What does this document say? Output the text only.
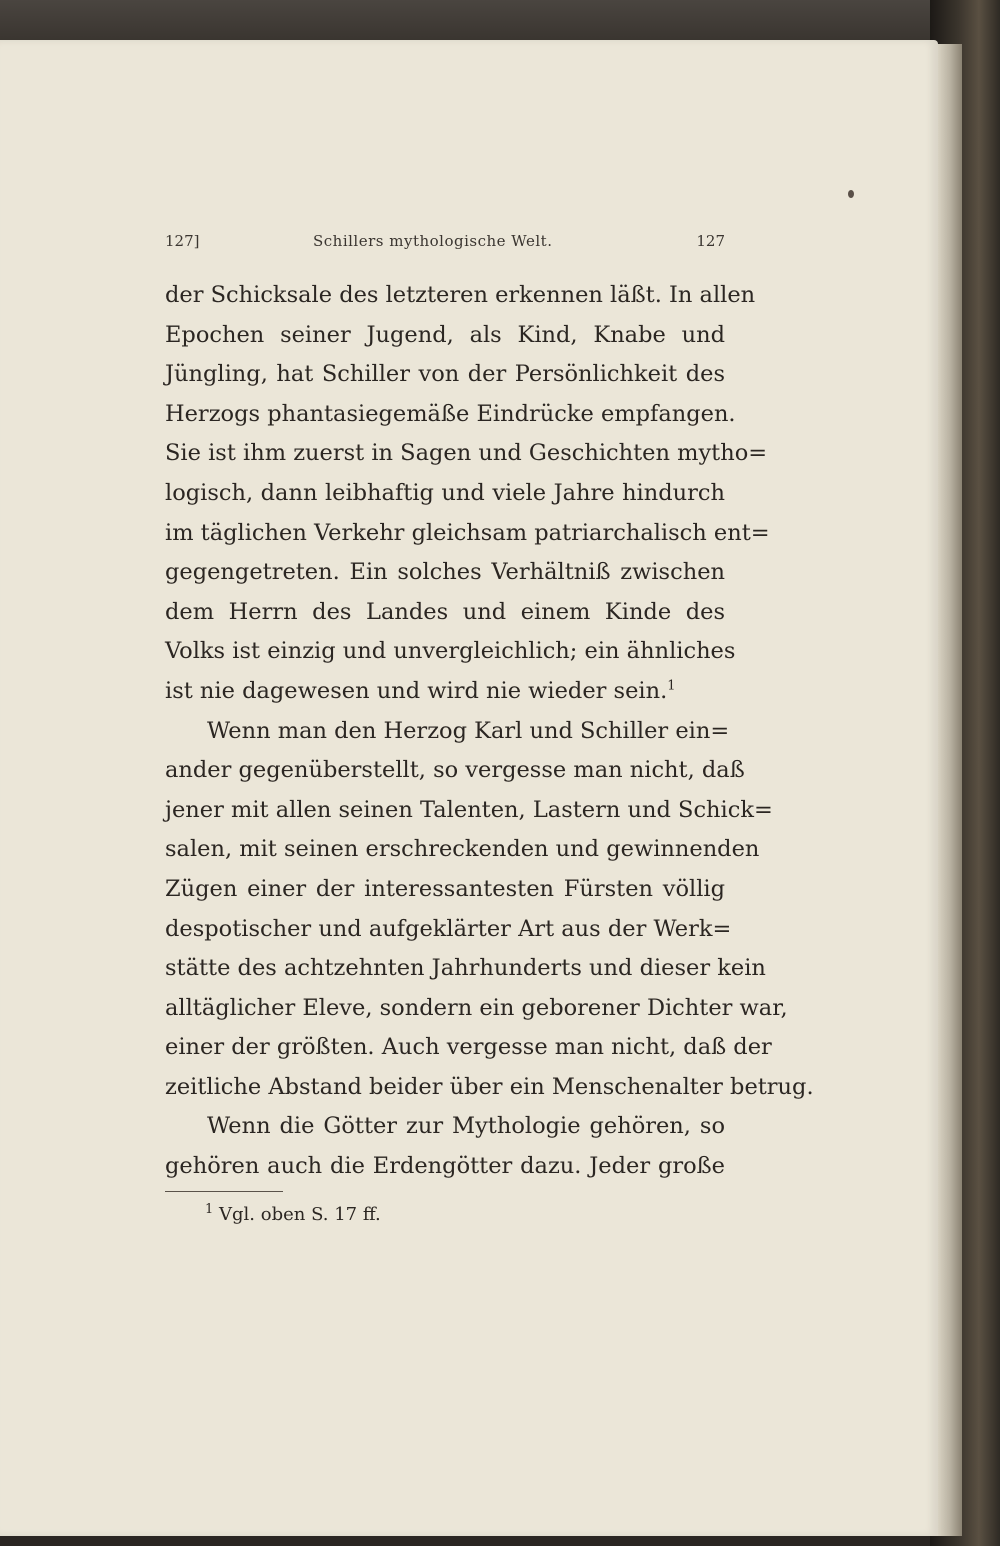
127]	Schillers mythologische Welt.	127
der Schicksale des letzteren erkennen läßt. In allen
Epochen seiner Jugend, als Kind, Knabe und
Jüngling, hat Schiller von der Persönlichkeit des
Herzogs phantasiegemäße Eindrücke empfangen.
Sie ist ihm zuerst in Sagen und Geschichten mytho=
logisch, dann leibhaftig und viele Jahre hindurch
im täglichen Verkehr gleichsam patriarchalisch ent=
gegengetreten. Ein solches Verhältniß zwischen
dem Herrn des Landes und einem Kinde des
Volks ist einzig und unvergleichlich; ein ähnliches
ist nie dagewesen und wird nie wieder sein.$^1$
Wenn man den Herzog Karl und Schiller ein=
ander gegenüberstellt, so vergesse man nicht, daß
jener mit allen seinen Talenten, Lastern und Schick=
salen, mit seinen erschreckenden und gewinnenden
Zügen einer der interessantesten Fürsten völlig
despotischer und aufgeklärter Art aus der Werk=
stätte des achtzehnten Jahrhunderts und dieser kein
alltäglicher Eleve, sondern ein geborener Dichter war,
einer der größten. Auch vergesse man nicht, daß der
zeitliche Abstand beider über ein Menschenalter betrug.
Wenn die Götter zur Mythologie gehören, so
gehören auch die Erdengötter dazu. Jeder große
$^1$ Vgl. oben S. 17 ff.
